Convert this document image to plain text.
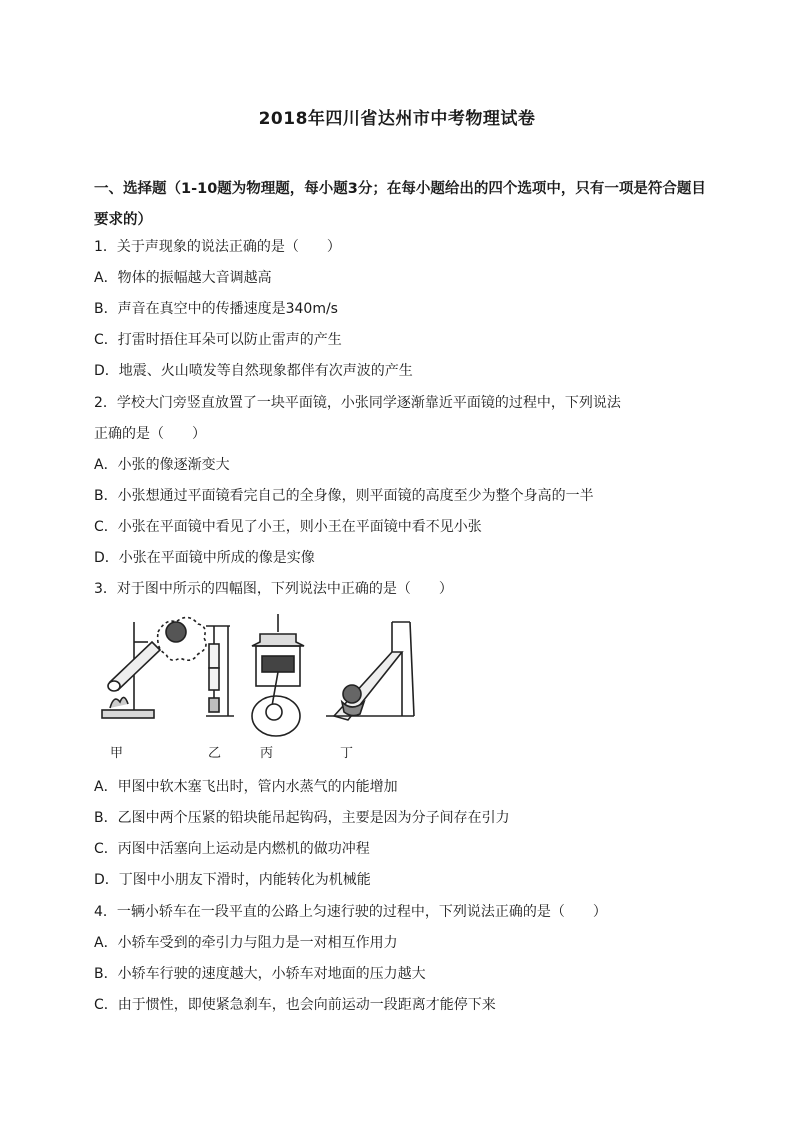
2018年四川省达州市中考物理试卷
一、选择题（1-10题为物理题，每小题3分；在每小题给出的四个选项中，只有一项是符合题目要求的）
1．关于声现象的说法正确的是（　　）
A．物体的振幅越大音调越高
B．声音在真空中的传播速度是340m/s
C．打雷时捂住耳朵可以防止雷声的产生
D．地震、火山喷发等自然现象都伴有次声波的产生
2．学校大门旁竖直放置了一块平面镜，小张同学逐渐靠近平面镜的过程中，下列说法
正确的是（　　）
A．小张的像逐渐变大
B．小张想通过平面镜看完自己的全身像，则平面镜的高度至少为整个身高的一半
C．小张在平面镜中看见了小王，则小王在平面镜中看不见小张
D．小张在平面镜中所成的像是实像
3．对于图中所示的四幅图，下列说法中正确的是（　　）
甲	乙	丙	丁
A．甲图中软木塞飞出时，管内水蒸气的内能增加
B．乙图中两个压紧的铅块能吊起钩码，主要是因为分子间存在引力
C．丙图中活塞向上运动是内燃机的做功冲程
D．丁图中小朋友下滑时，内能转化为机械能
4．一辆小轿车在一段平直的公路上匀速行驶的过程中，下列说法正确的是（　　）
A．小轿车受到的牵引力与阻力是一对相互作用力
B．小轿车行驶的速度越大，小轿车对地面的压力越大
C．由于惯性，即使紧急刹车，也会向前运动一段距离才能停下来
